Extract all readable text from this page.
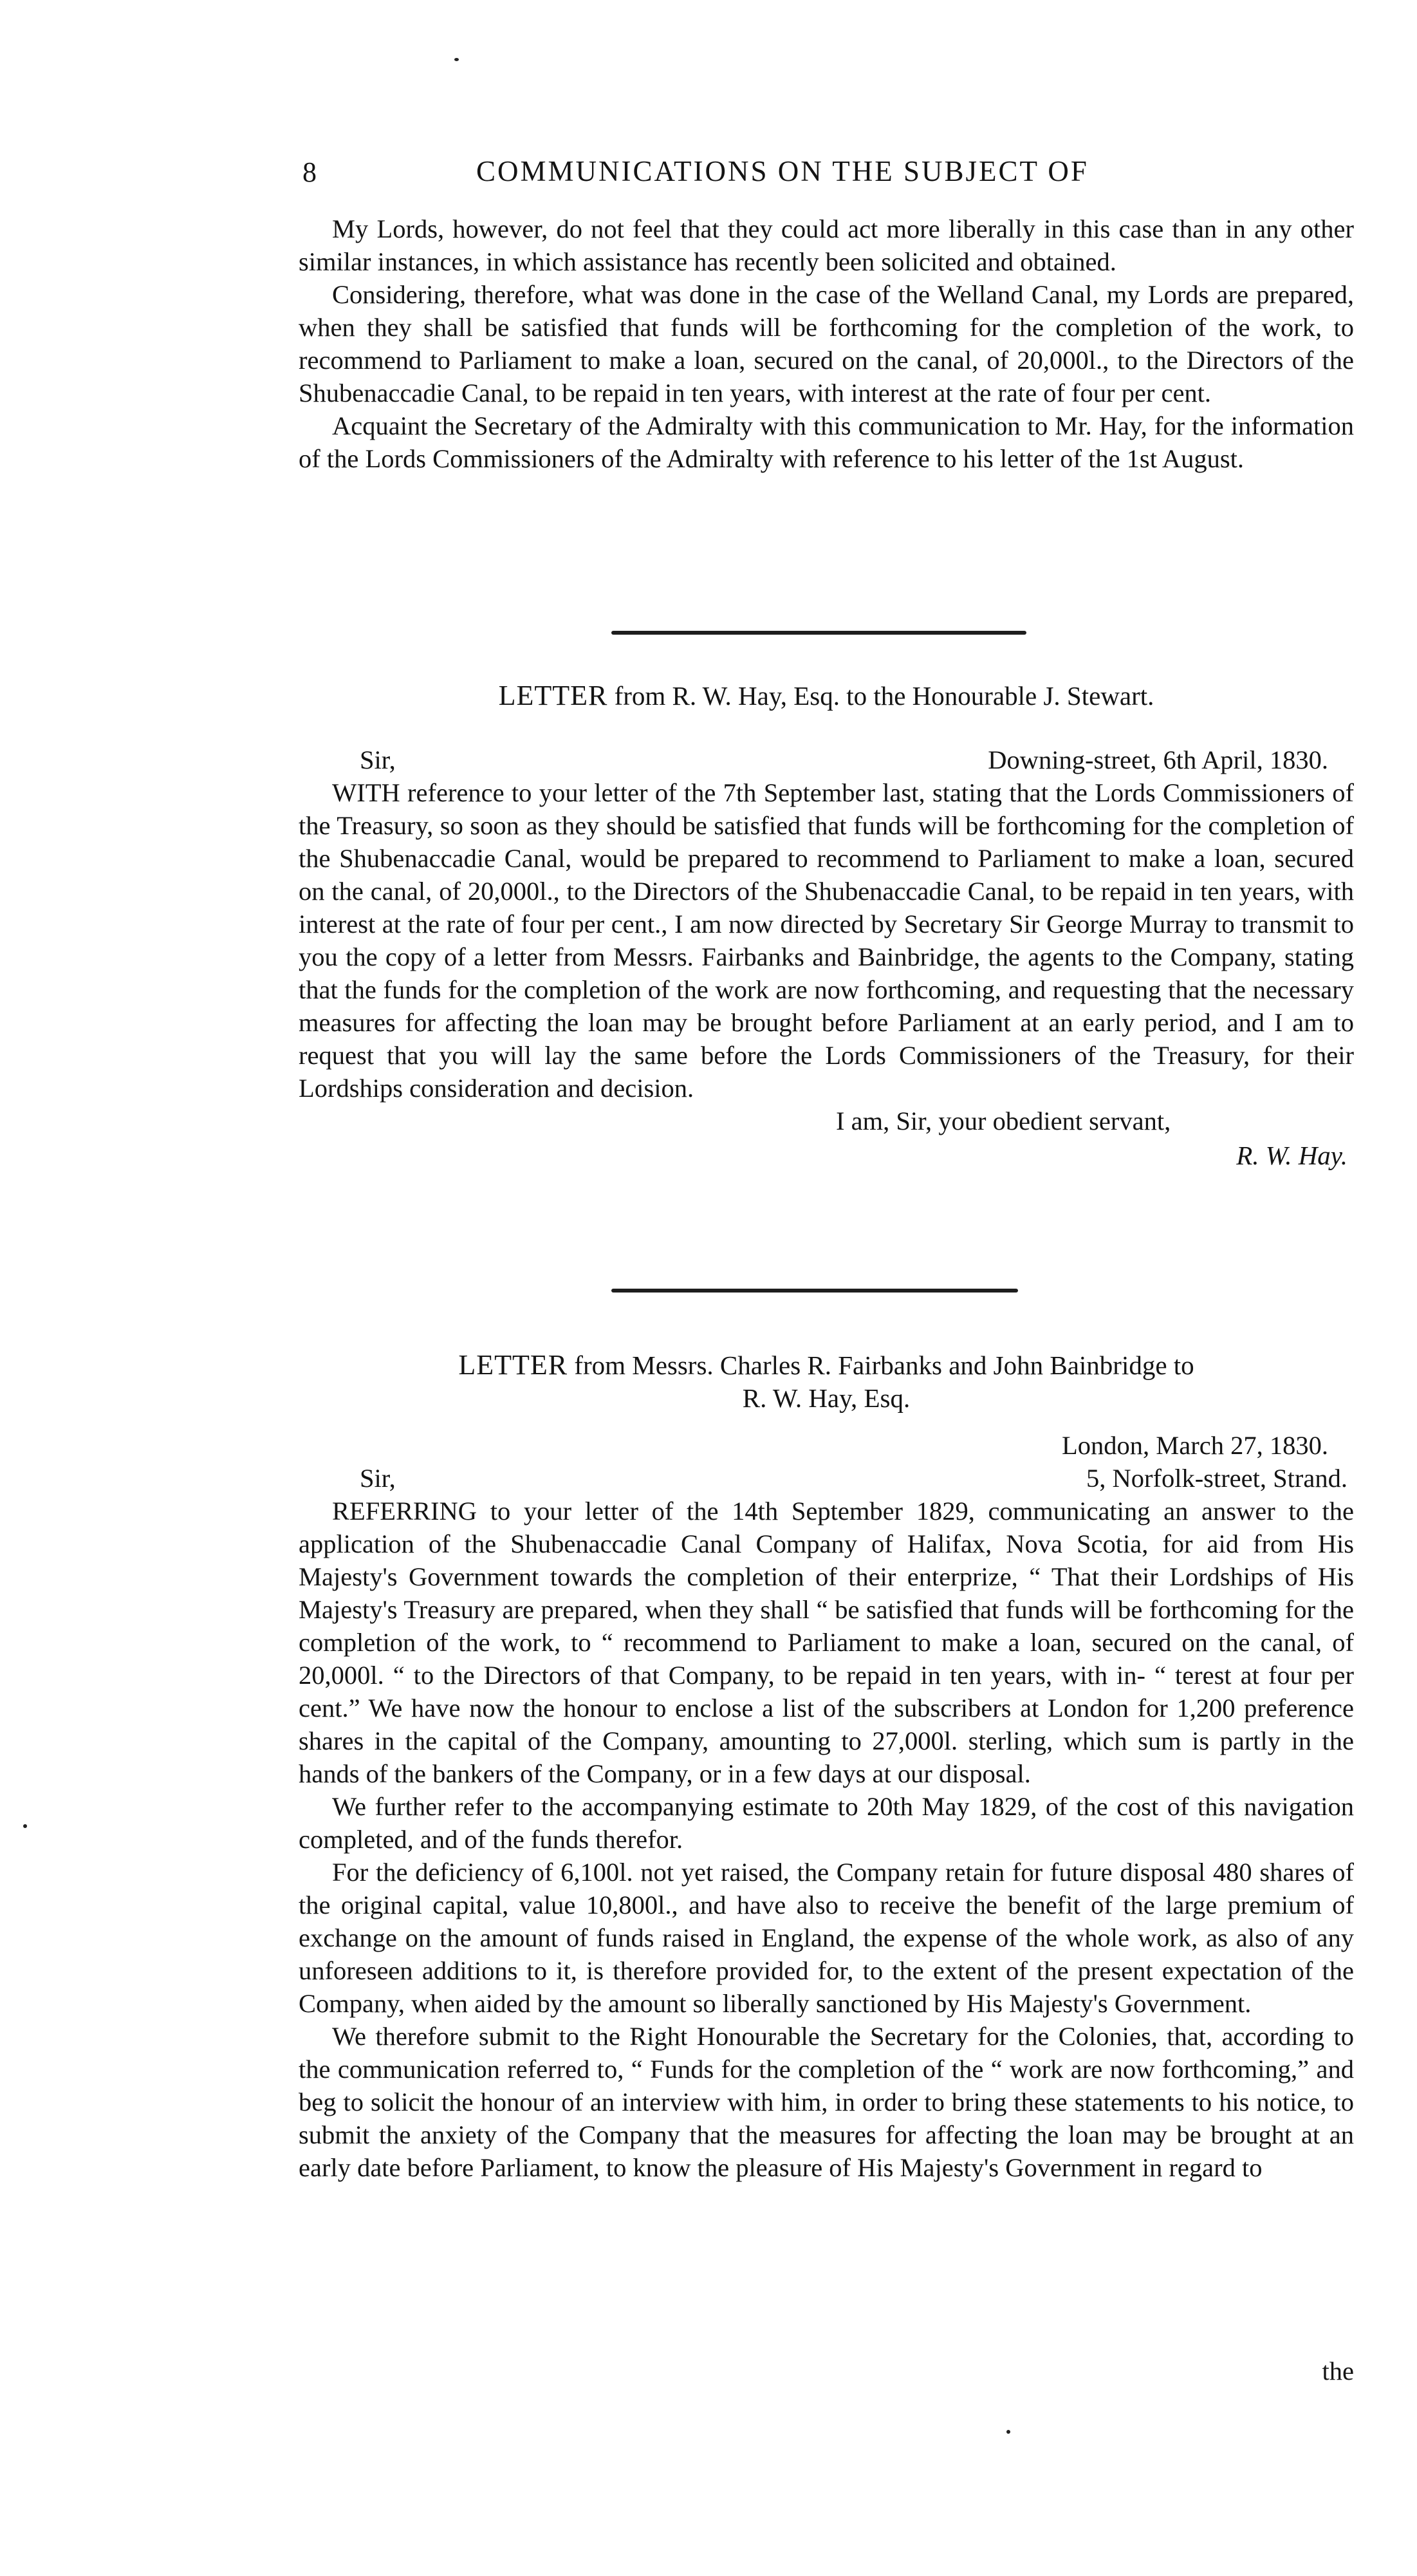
8	COMMUNICATIONS ON THE SUBJECT OF

My Lords, however, do not feel that they could act more liberally in this case than in any other similar instances, in which assistance has recently been solicited and obtained.

Considering, therefore, what was done in the case of the Welland Canal, my Lords are prepared, when they shall be satisfied that funds will be forthcoming for the completion of the work, to recommend to Parliament to make a loan, secured on the canal, of 20,000l., to the Directors of the Shubenaccadie Canal, to be repaid in ten years, with interest at the rate of four per cent.

Acquaint the Secretary of the Admiralty with this communication to Mr. Hay, for the information of the Lords Commissioners of the Admiralty with reference to his letter of the 1st August.

LETTER from R. W. Hay, Esq. to the Honourable J. Stewart.

Sir,	Downing-street, 6th April, 1830.

WITH reference to your letter of the 7th September last, stating that the Lords Commissioners of the Treasury, so soon as they should be satisfied that funds will be forthcoming for the completion of the Shubenaccadie Canal, would be prepared to recommend to Parliament to make a loan, secured on the canal, of 20,000l., to the Directors of the Shubenaccadie Canal, to be repaid in ten years, with interest at the rate of four per cent., I am now directed by Secretary Sir George Murray to transmit to you the copy of a letter from Messrs. Fairbanks and Bainbridge, the agents to the Company, stating that the funds for the completion of the work are now forthcoming, and requesting that the necessary measures for affecting the loan may be brought before Parliament at an early period, and I am to request that you will lay the same before the Lords Commissioners of the Treasury, for their Lordships consideration and decision.

I am, Sir, your obedient servant,
R. W. Hay.

LETTER from Messrs. Charles R. Fairbanks and John Bainbridge to
R. W. Hay, Esq.

London, March 27, 1830.
Sir,	5, Norfolk-street, Strand.

REFERRING to your letter of the 14th September 1829, communicating an answer to the application of the Shubenaccadie Canal Company of Halifax, Nova Scotia, for aid from His Majesty's Government towards the completion of their enterprize, “ That their Lordships of His Majesty's Treasury are prepared, when they shall “ be satisfied that funds will be forthcoming for the completion of the work, to “ recommend to Parliament to make a loan, secured on the canal, of 20,000l. “ to the Directors of that Company, to be repaid in ten years, with in- “ terest at four per cent.” We have now the honour to enclose a list of the subscribers at London for 1,200 preference shares in the capital of the Company, amounting to 27,000l. sterling, which sum is partly in the hands of the bankers of the Company, or in a few days at our disposal.

We further refer to the accompanying estimate to 20th May 1829, of the cost of this navigation completed, and of the funds therefor.

For the deficiency of 6,100l. not yet raised, the Company retain for future disposal 480 shares of the original capital, value 10,800l., and have also to receive the benefit of the large premium of exchange on the amount of funds raised in England, the expense of the whole work, as also of any unforeseen additions to it, is therefore provided for, to the extent of the present expectation of the Company, when aided by the amount so liberally sanctioned by His Majesty's Government.

We therefore submit to the Right Honourable the Secretary for the Colonies, that, according to the communication referred to, “ Funds for the completion of the “ work are now forthcoming,” and beg to solicit the honour of an interview with him, in order to bring these statements to his notice, to submit the anxiety of the Company that the measures for affecting the loan may be brought at an early date before Parliament, to know the pleasure of His Majesty's Government in regard to

the
